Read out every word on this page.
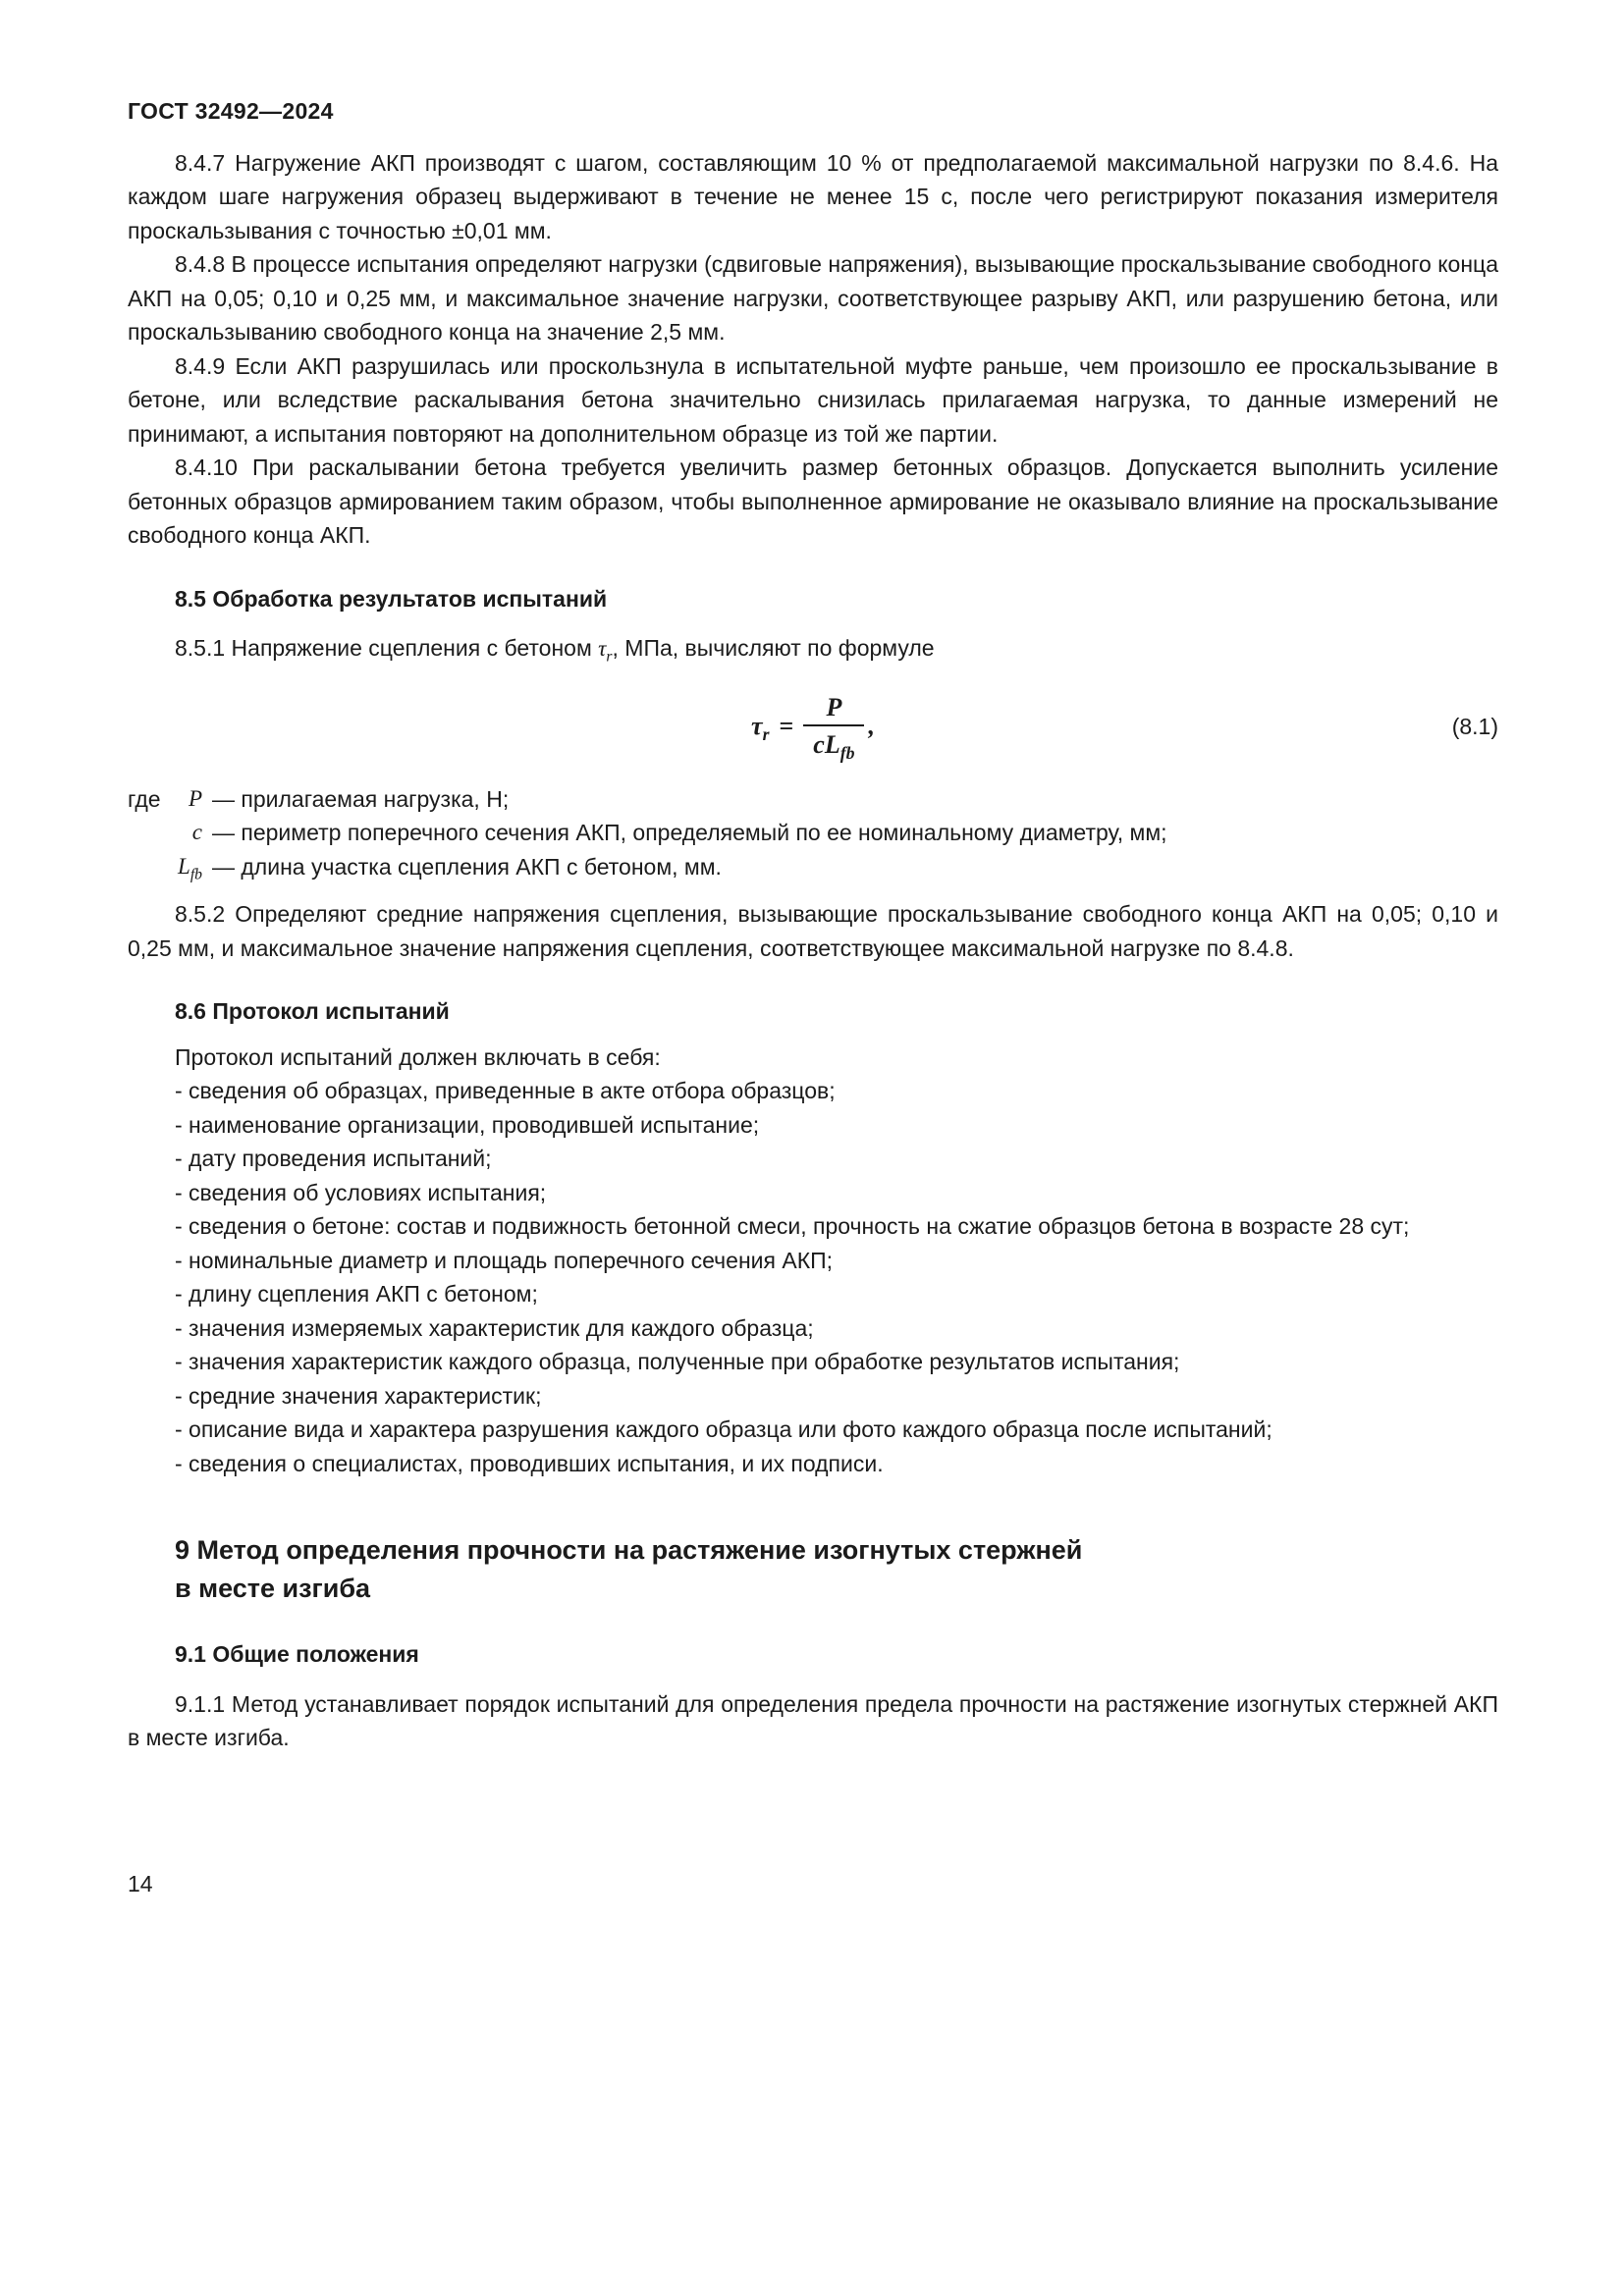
ГОСТ 32492—2024

8.4.7 Нагружение АКП производят с шагом, составляющим 10 % от предполагаемой максимальной нагрузки по 8.4.6. На каждом шаге нагружения образец выдерживают в течение не менее 15 с, после чего регистрируют показания измерителя проскальзывания с точностью ±0,01 мм.

8.4.8 В процессе испытания определяют нагрузки (сдвиговые напряжения), вызывающие проскальзывание свободного конца АКП на 0,05; 0,10 и 0,25 мм, и максимальное значение нагрузки, соответствующее разрыву АКП, или разрушению бетона, или проскальзыванию свободного конца на значение 2,5 мм.

8.4.9 Если АКП разрушилась или проскользнула в испытательной муфте раньше, чем произошло ее проскальзывание в бетоне, или вследствие раскалывания бетона значительно снизилась прилагаемая нагрузка, то данные измерений не принимают, а испытания повторяют на дополнительном образце из той же партии.

8.4.10 При раскалывании бетона требуется увеличить размер бетонных образцов. Допускается выполнить усиление бетонных образцов армированием таким образом, чтобы выполненное армирование не оказывало влияние на проскальзывание свободного конца АКП.

8.5 Обработка результатов испытаний

8.5.1 Напряжение сцепления с бетоном $\tau_r$, МПа, вычисляют по формуле

$\tau_r = \frac{P}{cL_{fb}}$ ,	(8.1)
где	P — прилагаемая нагрузка, Н;
c — периметр поперечного сечения АКП, определяемый по ее номинальному диаметру, мм;
$L_{fb}$ — длина участка сцепления АКП с бетоном, мм.

8.5.2 Определяют средние напряжения сцепления, вызывающие проскальзывание свободного конца АКП на 0,05; 0,10 и 0,25 мм, и максимальное значение напряжения сцепления, соответствующее максимальной нагрузке по 8.4.8.

8.6 Протокол испытаний

Протокол испытаний должен включать в себя:

- сведения об образцах, приведенные в акте отбора образцов;

- наименование организации, проводившей испытание;

- дату проведения испытаний;

- сведения об условиях испытания;

- сведения о бетоне: состав и подвижность бетонной смеси, прочность на сжатие образцов бетона в возрасте 28 сут;

- номинальные диаметр и площадь поперечного сечения АКП;

- длину сцепления АКП с бетоном;

- значения измеряемых характеристик для каждого образца;

- значения характеристик каждого образца, полученные при обработке результатов испытания;

- средние значения характеристик;

- описание вида и характера разрушения каждого образца или фото каждого образца после испытаний;

- сведения о специалистах, проводивших испытания, и их подписи.

9 Метод определения прочности на растяжение изогнутых стержней
в месте изгиба
9.1 Общие положения

9.1.1 Метод устанавливает порядок испытаний для определения предела прочности на растяжение изогнутых стержней АКП в месте изгиба.

14
